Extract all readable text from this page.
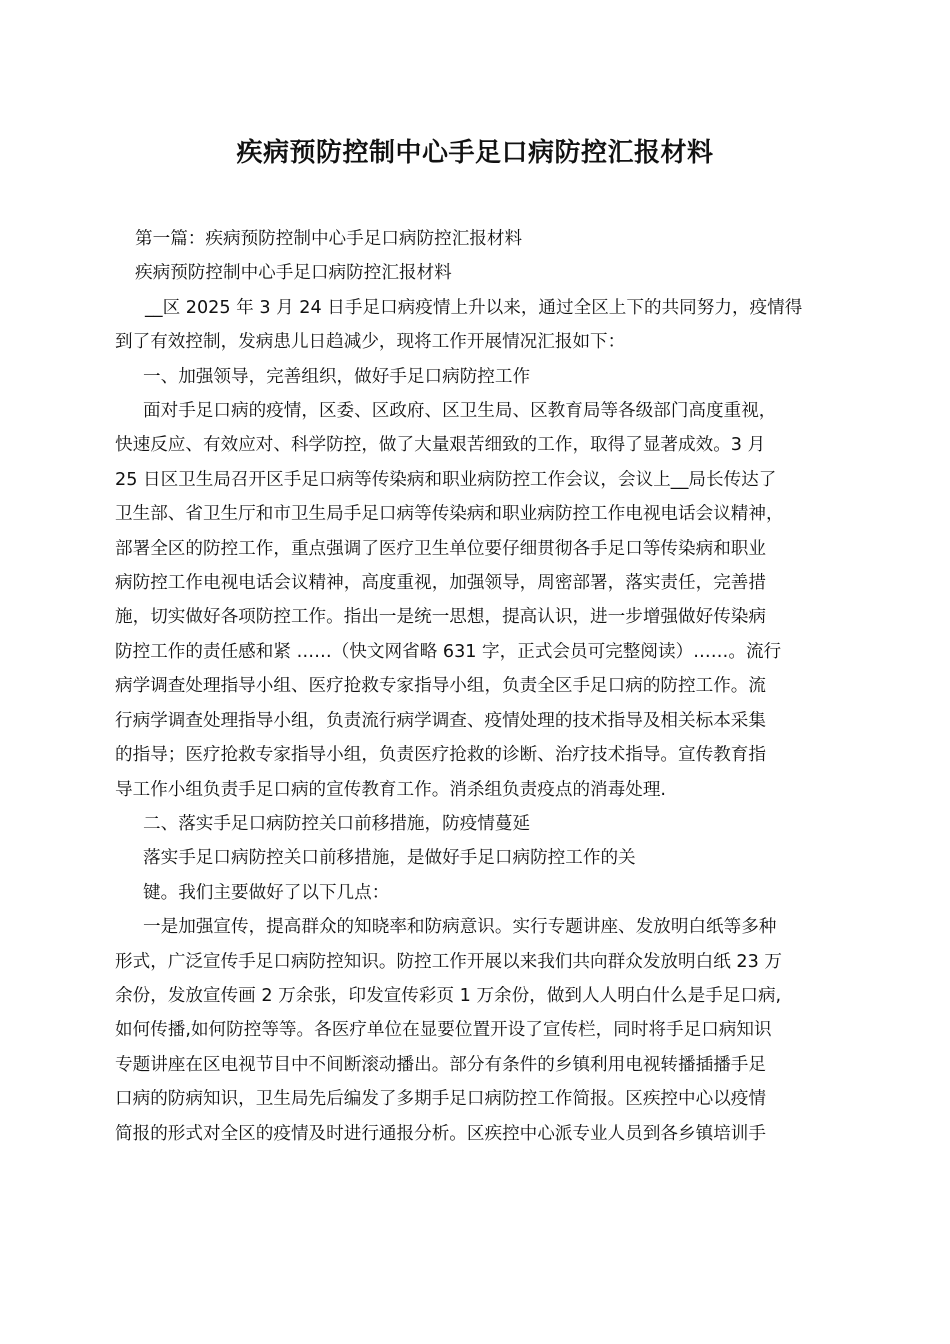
疾病预防控制中心手足口病防控汇报材料
第一篇：疾病预防控制中心手足口病防控汇报材料
疾病预防控制中心手足口病防控汇报材料
__区 2025 年 3 月 24 日手足口病疫情上升以来，通过全区上下的共同努力，疫情得
到了有效控制，发病患儿日趋减少，现将工作开展情况汇报如下：
一、加强领导，完善组织，做好手足口病防控工作
面对手足口病的疫情，区委、区政府、区卫生局、区教育局等各级部门高度重视，
快速反应、有效应对、科学防控，做了大量艰苦细致的工作，取得了显著成效。3 月
25 日区卫生局召开区手足口病等传染病和职业病防控工作会议，会议上__局长传达了
卫生部、省卫生厅和市卫生局手足口病等传染病和职业病防控工作电视电话会议精神，
部署全区的防控工作，重点强调了医疗卫生单位要仔细贯彻各手足口等传染病和职业
病防控工作电视电话会议精神，高度重视，加强领导，周密部署，落实责任，完善措
施，切实做好各项防控工作。指出一是统一思想，提高认识，进一步增强做好传染病
防控工作的责任感和紧 ……（快文网省略 631 字，正式会员可完整阅读）……。流行
病学调查处理指导小组、医疗抢救专家指导小组，负责全区手足口病的防控工作。流
行病学调查处理指导小组，负责流行病学调查、疫情处理的技术指导及相关标本采集
的指导；医疗抢救专家指导小组，负责医疗抢救的诊断、治疗技术指导。宣传教育指
导工作小组负责手足口病的宣传教育工作。消杀组负责疫点的消毒处理.
二、落实手足口病防控关口前移措施，防疫情蔓延
落实手足口病防控关口前移措施，是做好手足口病防控工作的关
键。我们主要做好了以下几点：
一是加强宣传，提高群众的知晓率和防病意识。实行专题讲座、发放明白纸等多种
形式，广泛宣传手足口病防控知识。防控工作开展以来我们共向群众发放明白纸 23 万
余份，发放宣传画 2 万余张，印发宣传彩页 1 万余份，做到人人明白什么是手足口病,
如何传播,如何防控等等。各医疗单位在显要位置开设了宣传栏，同时将手足口病知识
专题讲座在区电视节目中不间断滚动播出。部分有条件的乡镇利用电视转播插播手足
口病的防病知识，卫生局先后编发了多期手足口病防控工作简报。区疾控中心以疫情
简报的形式对全区的疫情及时进行通报分析。区疾控中心派专业人员到各乡镇培训手
